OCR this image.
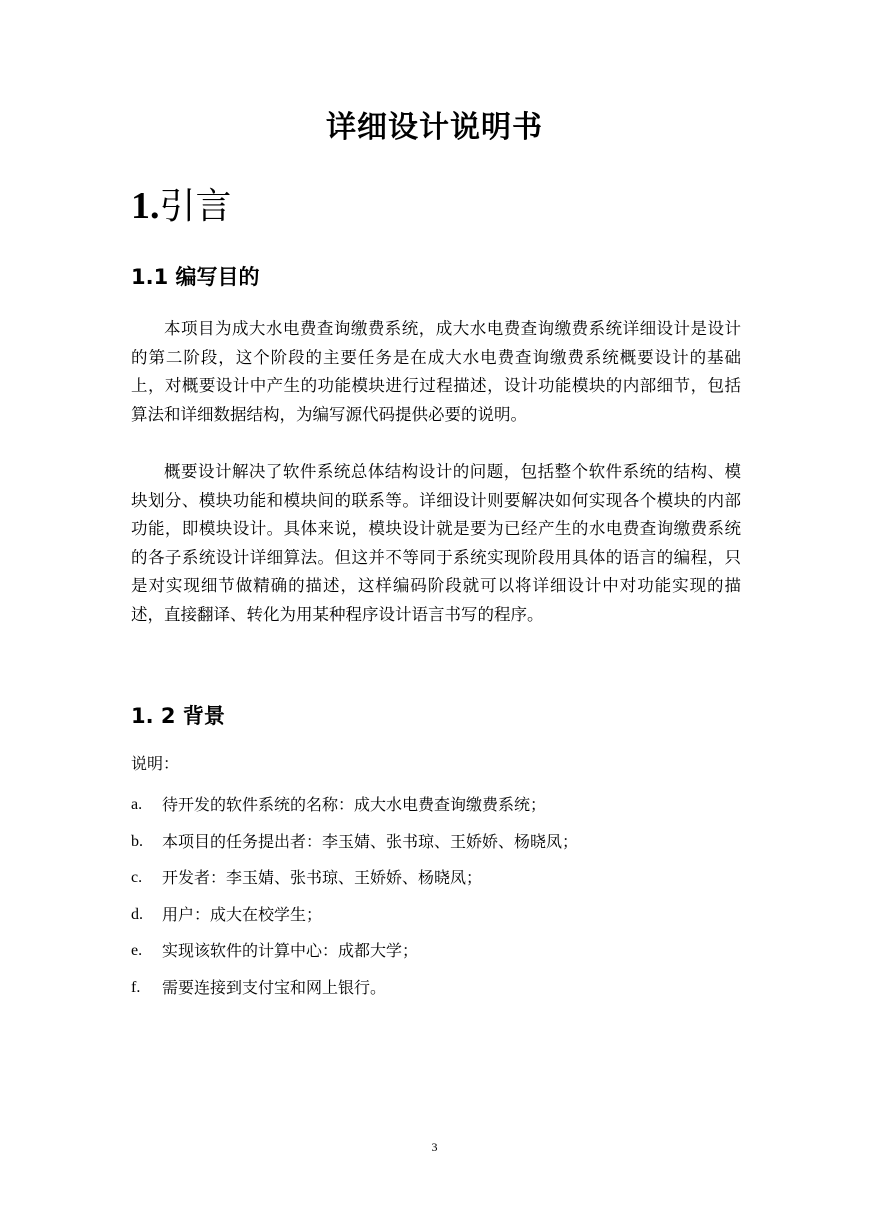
详细设计说明书
1.引言
1.1 编写目的

本项目为成大水电费查询缴费系统，成大水电费查询缴费系统详细设计是设计的第二阶段，这个阶段的主要任务是在成大水电费查询缴费系统概要设计的基础上，对概要设计中产生的功能模块进行过程描述，设计功能模块的内部细节，包括算法和详细数据结构，为编写源代码提供必要的说明。

概要设计解决了软件系统总体结构设计的问题，包括整个软件系统的结构、模块划分、模块功能和模块间的联系等。详细设计则要解决如何实现各个模块的内部功能，即模块设计。具体来说，模块设计就是要为已经产生的水电费查询缴费系统的各子系统设计详细算法。但这并不等同于系统实现阶段用具体的语言的编程，只是对实现细节做精确的描述，这样编码阶段就可以将详细设计中对功能实现的描述，直接翻译、转化为用某种程序设计语言书写的程序。

1. 2 背景
说明：
a. 待开发的软件系统的名称：成大水电费查询缴费系统；
b. 本项目的任务提出者：李玉婧、张书琼、王娇娇、杨晓凤；
c. 开发者：李玉婧、张书琼、王娇娇、杨晓凤；
d. 用户：成大在校学生；
e. 实现该软件的计算中心：成都大学；
f. 需要连接到支付宝和网上银行。
3
